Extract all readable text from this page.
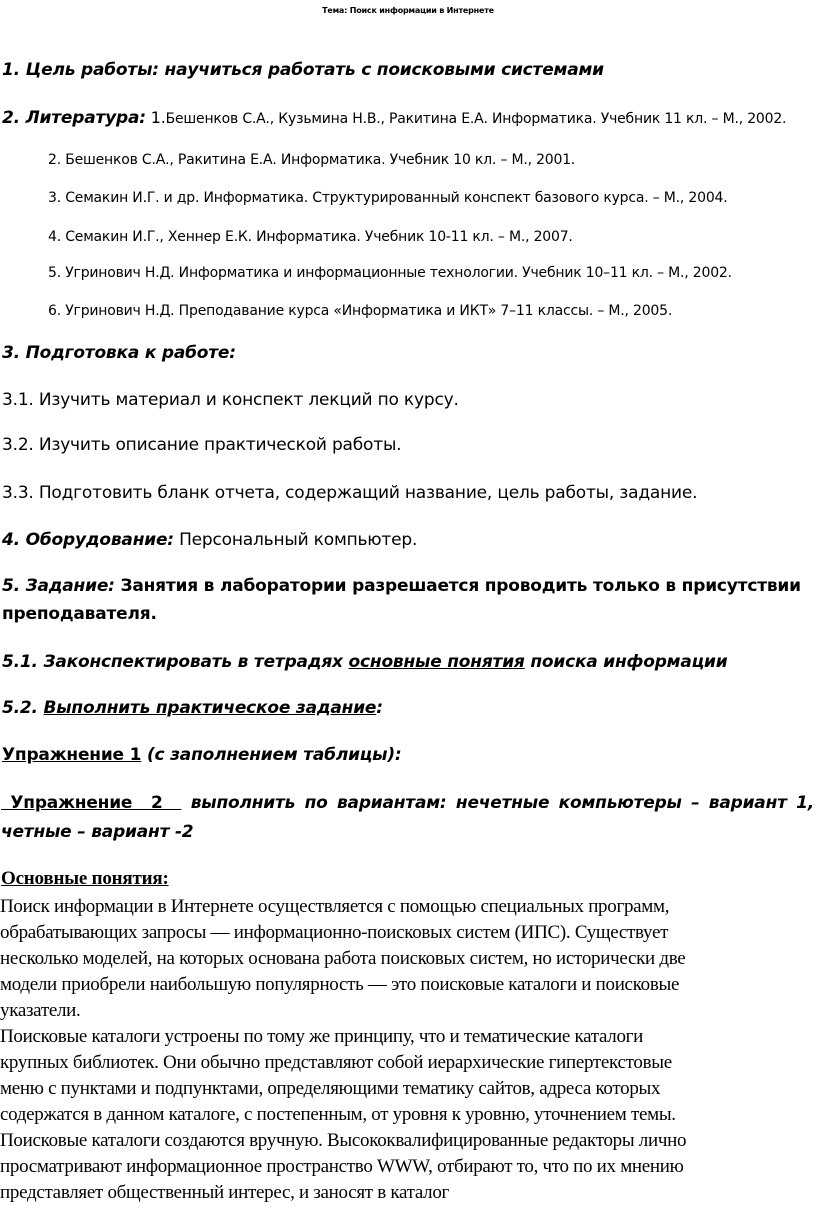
Тема: Поиск информации в Интернете
1. Цель работы: научиться работать с поисковыми системами
2. Литература: 1.Бешенков С.А., Кузьмина Н.В., Ракитина Е.А. Информатика. Учебник 11 кл. – М., 2002.
2. Бешенков С.А., Ракитина Е.А. Информатика. Учебник 10 кл. – М., 2001.
3. Семакин И.Г. и др. Информатика. Структурированный конспект базового курса. – М., 2004.
4. Семакин И.Г., Хеннер Е.К. Информатика. Учебник 10-11 кл. – М., 2007.
5. Угринович Н.Д. Информатика и информационные технологии. Учебник 10–11 кл. – М., 2002.
6. Угринович Н.Д. Преподавание курса «Информатика и ИКТ» 7–11 классы. – М., 2005.
3. Подготовка к работе:
3.1. Изучить материал и конспект лекций по курсу.
3.2. Изучить описание практической работы.
3.3. Подготовить бланк отчета, содержащий название, цель работы, задание.
4. Оборудование: Персональный компьютер.
5. Задание: Занятия в лаборатории разрешается проводить только в присутствии
преподавателя.
5.1. Законспектировать в тетрадях основные понятия поиска информации
5.2. Выполнить практическое задание:
Упражнение 1 (с заполнением таблицы):
Упражнение  2   выполнить по вариантам: нечетные компьютеры – вариант 1,
четные – вариант -2
Основные понятия:
Поиск информации в Интернете осуществляется с помощью специальных программ,
обрабатывающих запросы — информационно-поисковых систем (ИПС). Существует
несколько моделей, на которых основана работа поисковых систем, но исторически две
модели приобрели наибольшую популярность — это поисковые каталоги и поисковые
указатели.
Поисковые каталоги устроены по тому же принципу, что и тематические каталоги
крупных библиотек. Они обычно представляют собой иерархические гипертекстовые
меню с пунктами и подпунктами, определяющими тематику сайтов, адреса которых
содержатся в данном каталоге, с постепенным, от уровня к уровню, уточнением темы.
Поисковые каталоги создаются вручную. Высококвалифицированные редакторы лично
просматривают информационное пространство WWW, отбирают то, что по их мнению
представляет общественный интерес, и заносят в каталог
